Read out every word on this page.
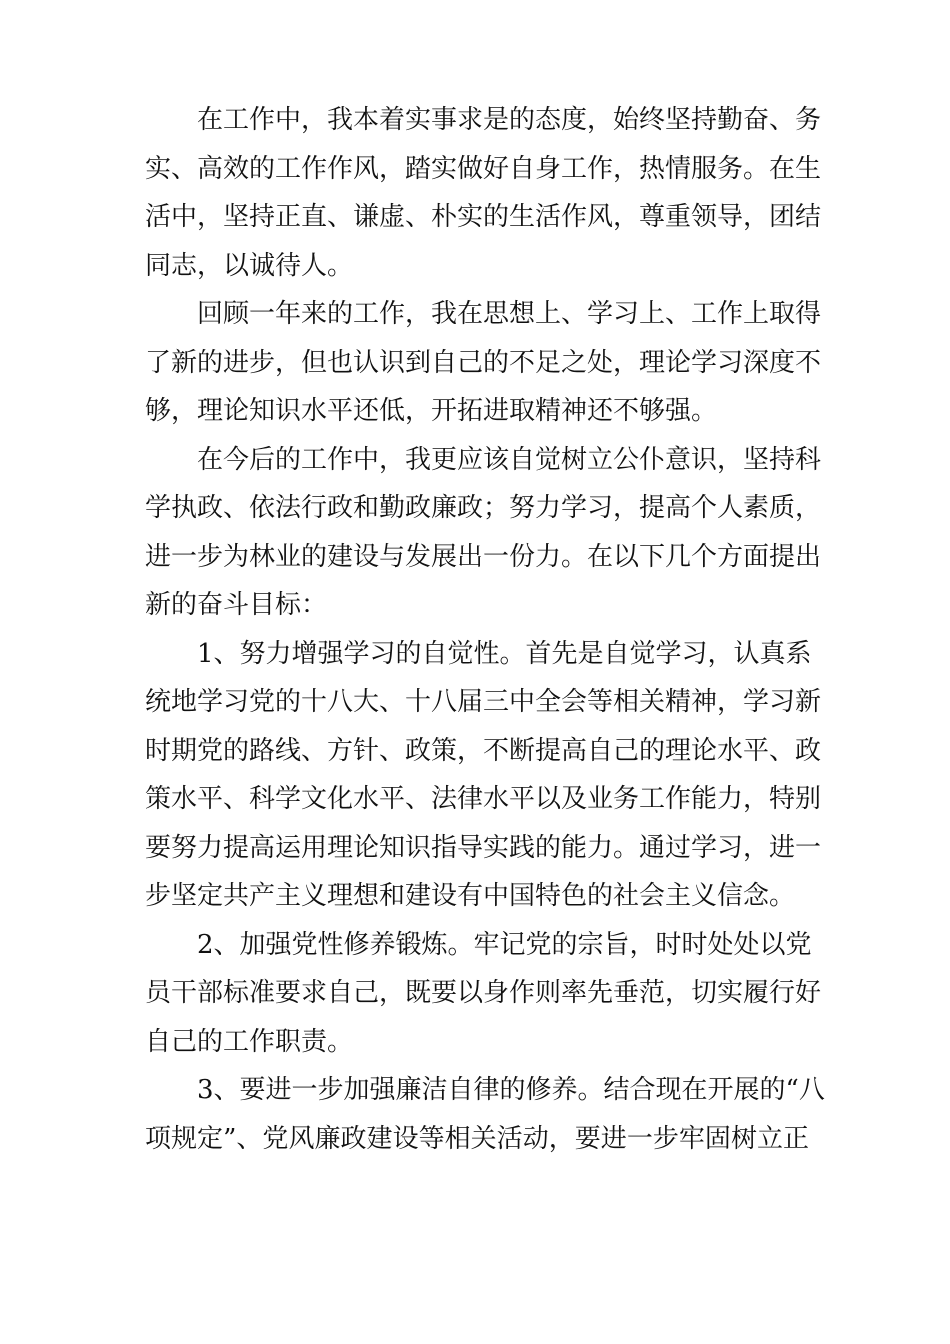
在工作中，我本着实事求是的态度，始终坚持勤奋、务
实、高效的工作作风，踏实做好自身工作，热情服务。在生
活中，坚持正直、谦虚、朴实的生活作风，尊重领导，团结
同志，以诚待人。
回顾一年来的工作，我在思想上、学习上、工作上取得
了新的进步，但也认识到自己的不足之处，理论学习深度不
够，理论知识水平还低，开拓进取精神还不够强。
在今后的工作中，我更应该自觉树立公仆意识，坚持科
学执政、依法行政和勤政廉政；努力学习，提高个人素质，
进一步为林业的建设与发展出一份力。在以下几个方面提出
新的奋斗目标：
1、努力增强学习的自觉性。首先是自觉学习，认真系
统地学习党的十八大、十八届三中全会等相关精神，学习新
时期党的路线、方针、政策，不断提高自己的理论水平、政
策水平、科学文化水平、法律水平以及业务工作能力，特别
要努力提高运用理论知识指导实践的能力。通过学习，进一
步坚定共产主义理想和建设有中国特色的社会主义信念。
2、加强党性修养锻炼。牢记党的宗旨，时时处处以党
员干部标准要求自己，既要以身作则率先垂范，切实履行好
自己的工作职责。
3、要进一步加强廉洁自律的修养。结合现在开展的“八
项规定”、党风廉政建设等相关活动，要进一步牢固树立正
